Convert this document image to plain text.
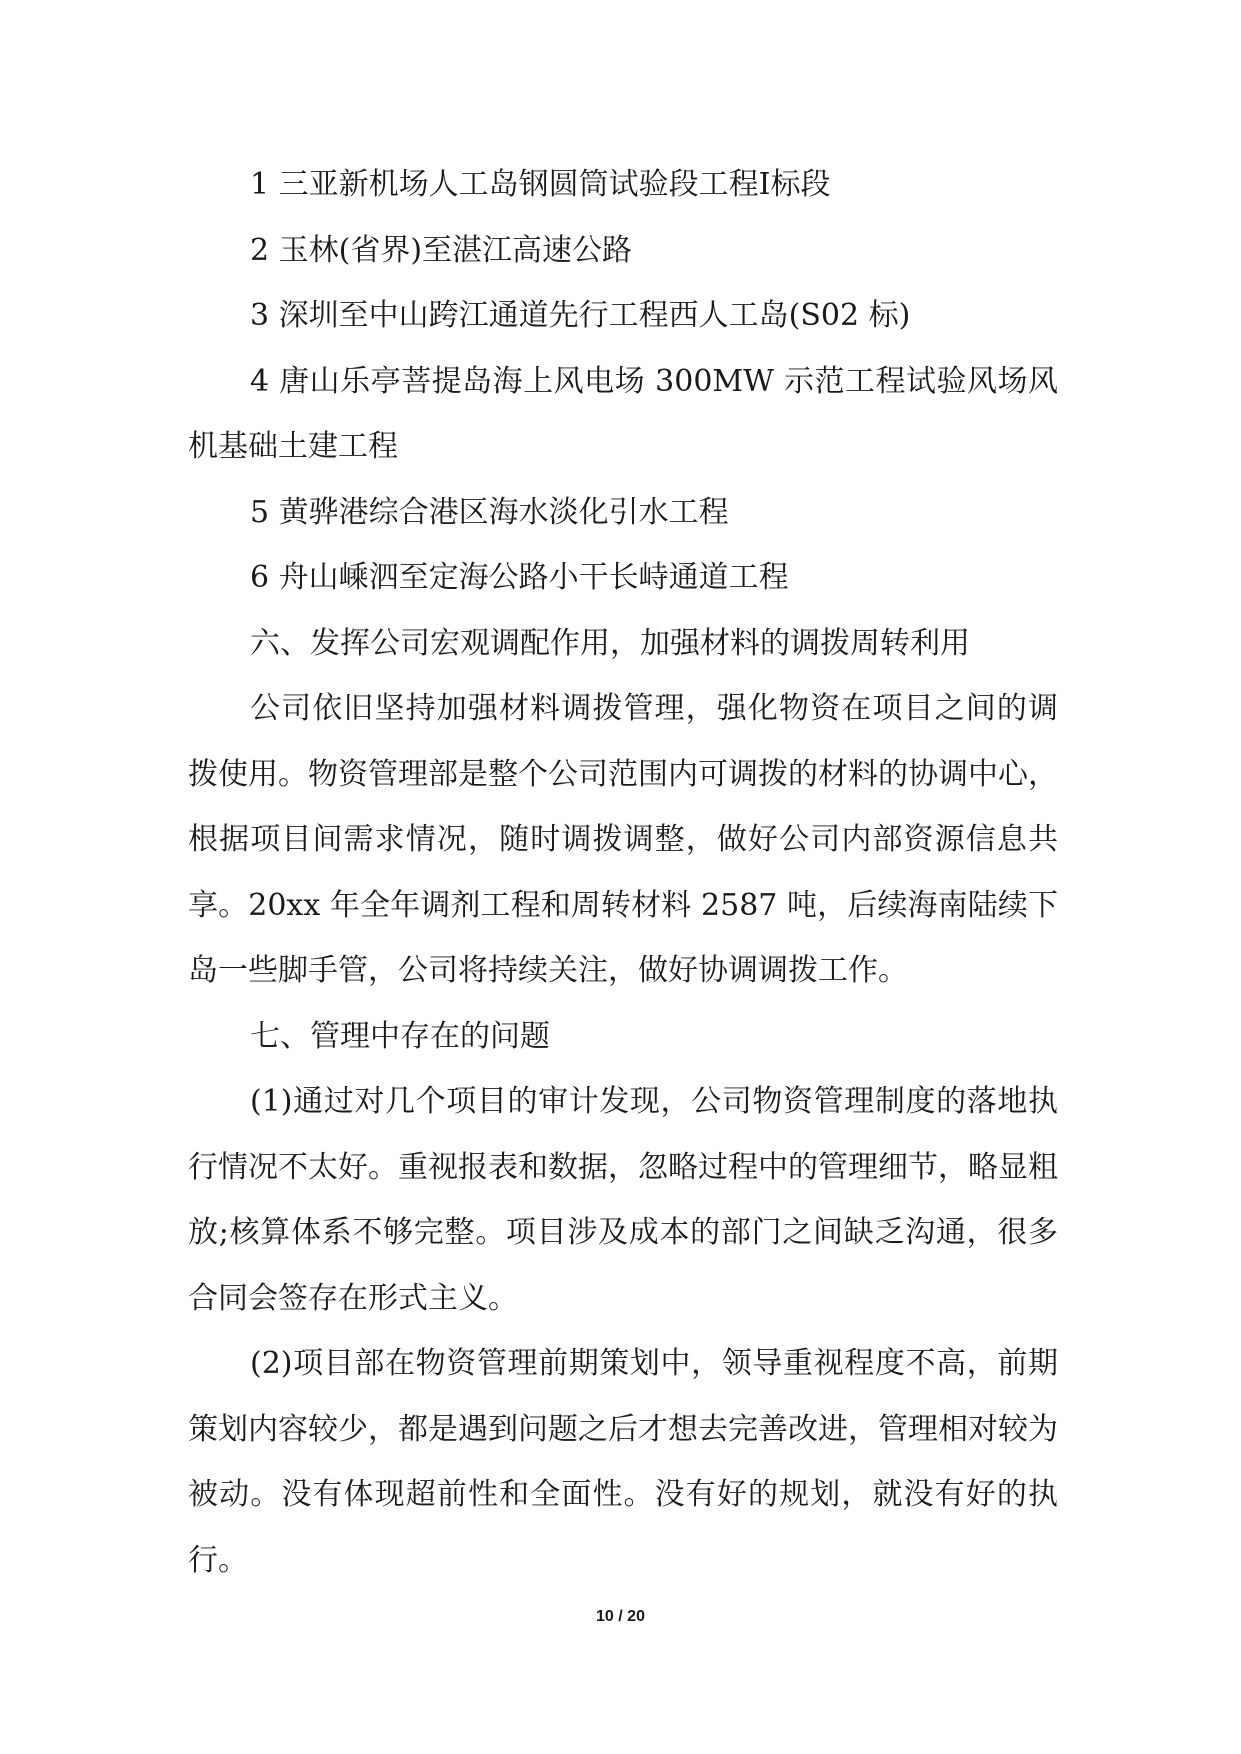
1 三亚新机场人工岛钢圆筒试验段工程Ⅰ标段

2 玉林(省界)至湛江高速公路

3 深圳至中山跨江通道先行工程西人工岛(S02 标)

4 唐山乐亭菩提岛海上风电场 300MW 示范工程试验风场风机基础土建工程

5 黄骅港综合港区海水淡化引水工程

6 舟山嵊泗至定海公路小干长峙通道工程

六、发挥公司宏观调配作用，加强材料的调拨周转利用

公司依旧坚持加强材料调拨管理，强化物资在项目之间的调拨使用。物资管理部是整个公司范围内可调拨的材料的协调中心，根据项目间需求情况，随时调拨调整，做好公司内部资源信息共享。20xx 年全年调剂工程和周转材料 2587 吨，后续海南陆续下岛一些脚手管，公司将持续关注，做好协调调拨工作。

七、管理中存在的问题

(1)通过对几个项目的审计发现，公司物资管理制度的落地执行情况不太好。重视报表和数据，忽略过程中的管理细节，略显粗放;核算体系不够完整。项目涉及成本的部门之间缺乏沟通，很多合同会签存在形式主义。

(2)项目部在物资管理前期策划中，领导重视程度不高，前期策划内容较少，都是遇到问题之后才想去完善改进，管理相对较为被动。没有体现超前性和全面性。没有好的规划，就没有好的执行。

10 / 20
